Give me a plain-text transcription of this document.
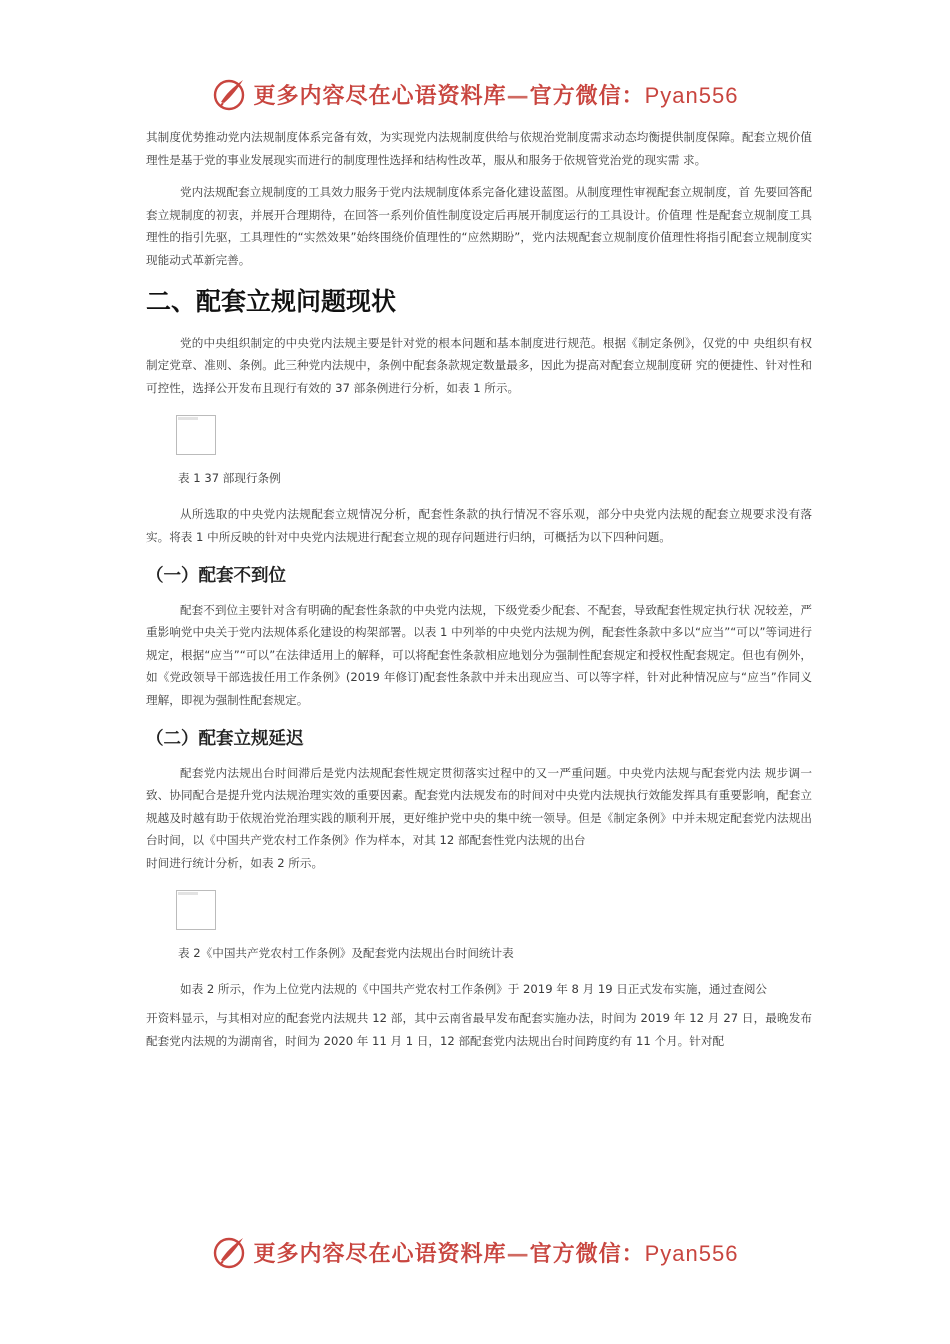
更多内容尽在心语资料库—官方微信：Pyan556

其制度优势推动党内法规制度体系完备有效，为实现党内法规制度供给与依规治党制度需求动态均衡提供制度保障。配套立规价值理性是基于党的事业发展现实而进行的制度理性选择和结构性改革，服从和服务于依规管党治党的现实需 求。

党内法规配套立规制度的工具效力服务于党内法规制度体系完备化建设蓝图。从制度理性审视配套立规制度，首 先要回答配套立规制度的初衷，并展开合理期待，在回答一系列价值性制度设定后再展开制度运行的工具设计。价值理 性是配套立规制度工具理性的指引先驱，工具理性的“实然效果”始终围绕价值理性的“应然期盼”，党内法规配套立规制度价值理性将指引配套立规制度实现能动式革新完善。

二、配套立规问题现状

党的中央组织制定的中央党内法规主要是针对党的根本问题和基本制度进行规范。根据《制定条例》，仅党的中 央组织有权制定党章、准则、条例。此三种党内法规中，条例中配套条款规定数量最多，因此为提高对配套立规制度研 究的便捷性、针对性和可控性，选择公开发布且现行有效的 37 部条例进行分析，如表 1 所示。

表 1 37 部现行条例

从所选取的中央党内法规配套立规情况分析，配套性条款的执行情况不容乐观，部分中央党内法规的配套立规要求没有落实。将表 1 中所反映的针对中央党内法规进行配套立规的现存问题进行归纳，可概括为以下四种问题。

（一）配套不到位

配套不到位主要针对含有明确的配套性条款的中央党内法规，下级党委少配套、不配套，导致配套性规定执行状 况较差，严重影响党中央关于党内法规体系化建设的构架部署。以表 1 中列举的中央党内法规为例，配套性条款中多以“应当”“可以”等词进行规定，根据“应当”“可以”在法律适用上的解释，可以将配套性条款相应地划分为强制性配套规定和授权性配套规定。但也有例外，如《党政领导干部选拔任用工作条例》(2019 年修订)配套性条款中并未出现应当、可以等字样，针对此种情况应与“应当”作同义理解，即视为强制性配套规定。

（二）配套立规延迟

配套党内法规出台时间滞后是党内法规配套性规定贯彻落实过程中的又一严重问题。中央党内法规与配套党内法 规步调一致、协同配合是提升党内法规治理实效的重要因素。配套党内法规发布的时间对中央党内法规执行效能发挥具有重要影响，配套立规越及时越有助于依规治党治理实践的顺利开展，更好维护党中央的集中统一领导。但是《制定条例》中并未规定配套党内法规出台时间，以《中国共产党农村工作条例》作为样本，对其 12 部配套性党内法规的出台

时间进行统计分析，如表 2 所示。

表 2《中国共产党农村工作条例》及配套党内法规出台时间统计表

如表 2 所示，作为上位党内法规的《中国共产党农村工作条例》于 2019 年 8 月 19 日正式发布实施，通过查阅公

开资料显示，与其相对应的配套党内法规共 12 部，其中云南省最早发布配套实施办法，时间为 2019 年 12 月 27 日，最晚发布配套党内法规的为湖南省，时间为 2020 年 11 月 1 日，12 部配套党内法规出台时间跨度约有 11 个月。针对配

更多内容尽在心语资料库—官方微信：Pyan556
